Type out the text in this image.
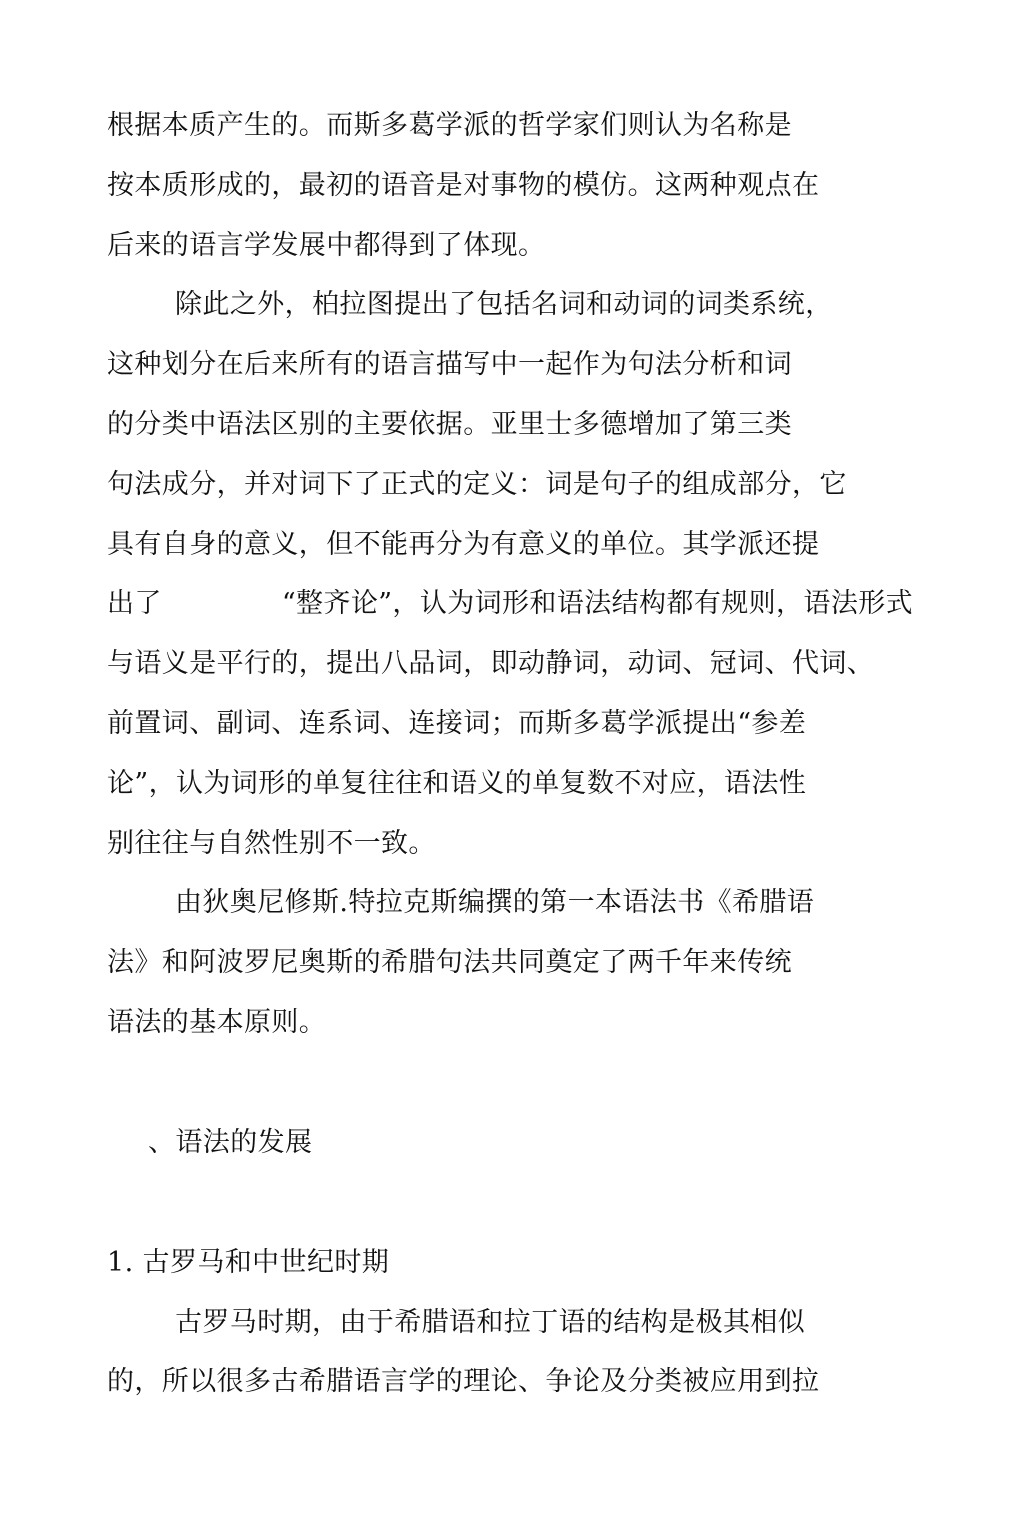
根据本质产生的。而斯多葛学派的哲学家们则认为名称是
按本质形成的，最初的语音是对事物的模仿。这两种观点在
后来的语言学发展中都得到了体现。
除此之外，柏拉图提出了包括名词和动词的词类系统，
这种划分在后来所有的语言描写中一起作为句法分析和词
的分类中语法区别的主要依据。亚里士多德增加了第三类
句法成分，并对词下了正式的定义：词是句子的组成部分，它
具有自身的意义，但不能再分为有意义的单位。其学派还提
出了	“整齐论”，认为词形和语法结构都有规则，语法形式
与语义是平行的，提出八品词，即动静词，动词、冠词、代词、
前置词、副词、连系词、连接词；而斯多葛学派提出“参差
论”，认为词形的单复往往和语义的单复数不对应，语法性
别往往与自然性别不一致。
由狄奥尼修斯.特拉克斯编撰的第一本语法书《希腊语
法》和阿波罗尼奥斯的希腊句法共同奠定了两千年来传统
语法的基本原则。
、语法的发展
1. 古罗马和中世纪时期
古罗马时期，由于希腊语和拉丁语的结构是极其相似
的，所以很多古希腊语言学的理论、争论及分类被应用到拉
